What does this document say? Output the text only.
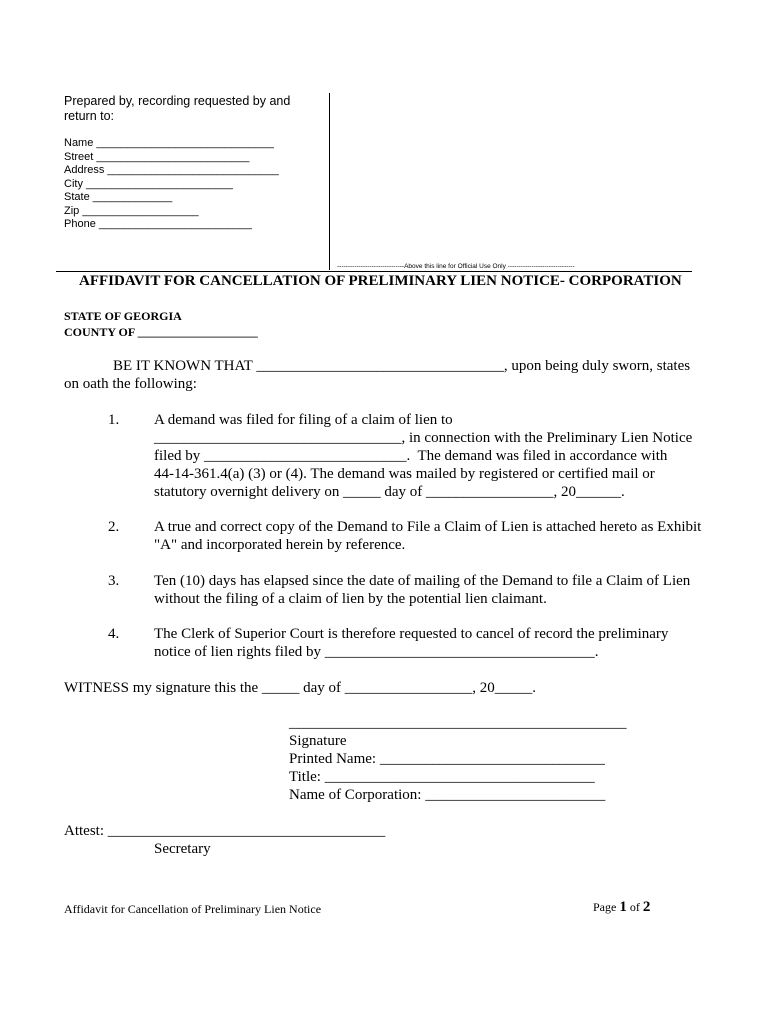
Prepared by, recording requested by and
return to:
Name _____________________________
Street _________________________
Address ____________________________
City ________________________
State _____________
Zip ___________________
Phone _________________________
-------------------------------Above this line for Official Use Only -------------------------------
AFFIDAVIT FOR CANCELLATION OF PRELIMINARY LIEN NOTICE- CORPORATION
STATE OF GEORGIA
COUNTY OF ____________________
BE IT KNOWN THAT _________________________________, upon being duly sworn, states
on oath the following:
1. A demand was filed for filing of a claim of lien to
_________________________________, in connection with the Preliminary Lien Notice
filed by ___________________________.  The demand was filed in accordance with
44-14-361.4(a) (3) or (4). The demand was mailed by registered or certified mail or
statutory overnight delivery on _____ day of _________________, 20______.
2. A true and correct copy of the Demand to File a Claim of Lien is attached hereto as Exhibit
"A" and incorporated herein by reference.
3. Ten (10) days has elapsed since the date of mailing of the Demand to file a Claim of Lien
without the filing of a claim of lien by the potential lien claimant.
4. The Clerk of Superior Court is therefore requested to cancel of record the preliminary
notice of lien rights filed by ____________________________________.
WITNESS my signature this the _____ day of _________________, 20_____.
_____________________________________________
Signature
Printed Name: ______________________________
Title: ____________________________________
Name of Corporation: ________________________
Attest: _____________________________________
Secretary
Affidavit for Cancellation of Preliminary Lien Notice	Page 1 of 2
